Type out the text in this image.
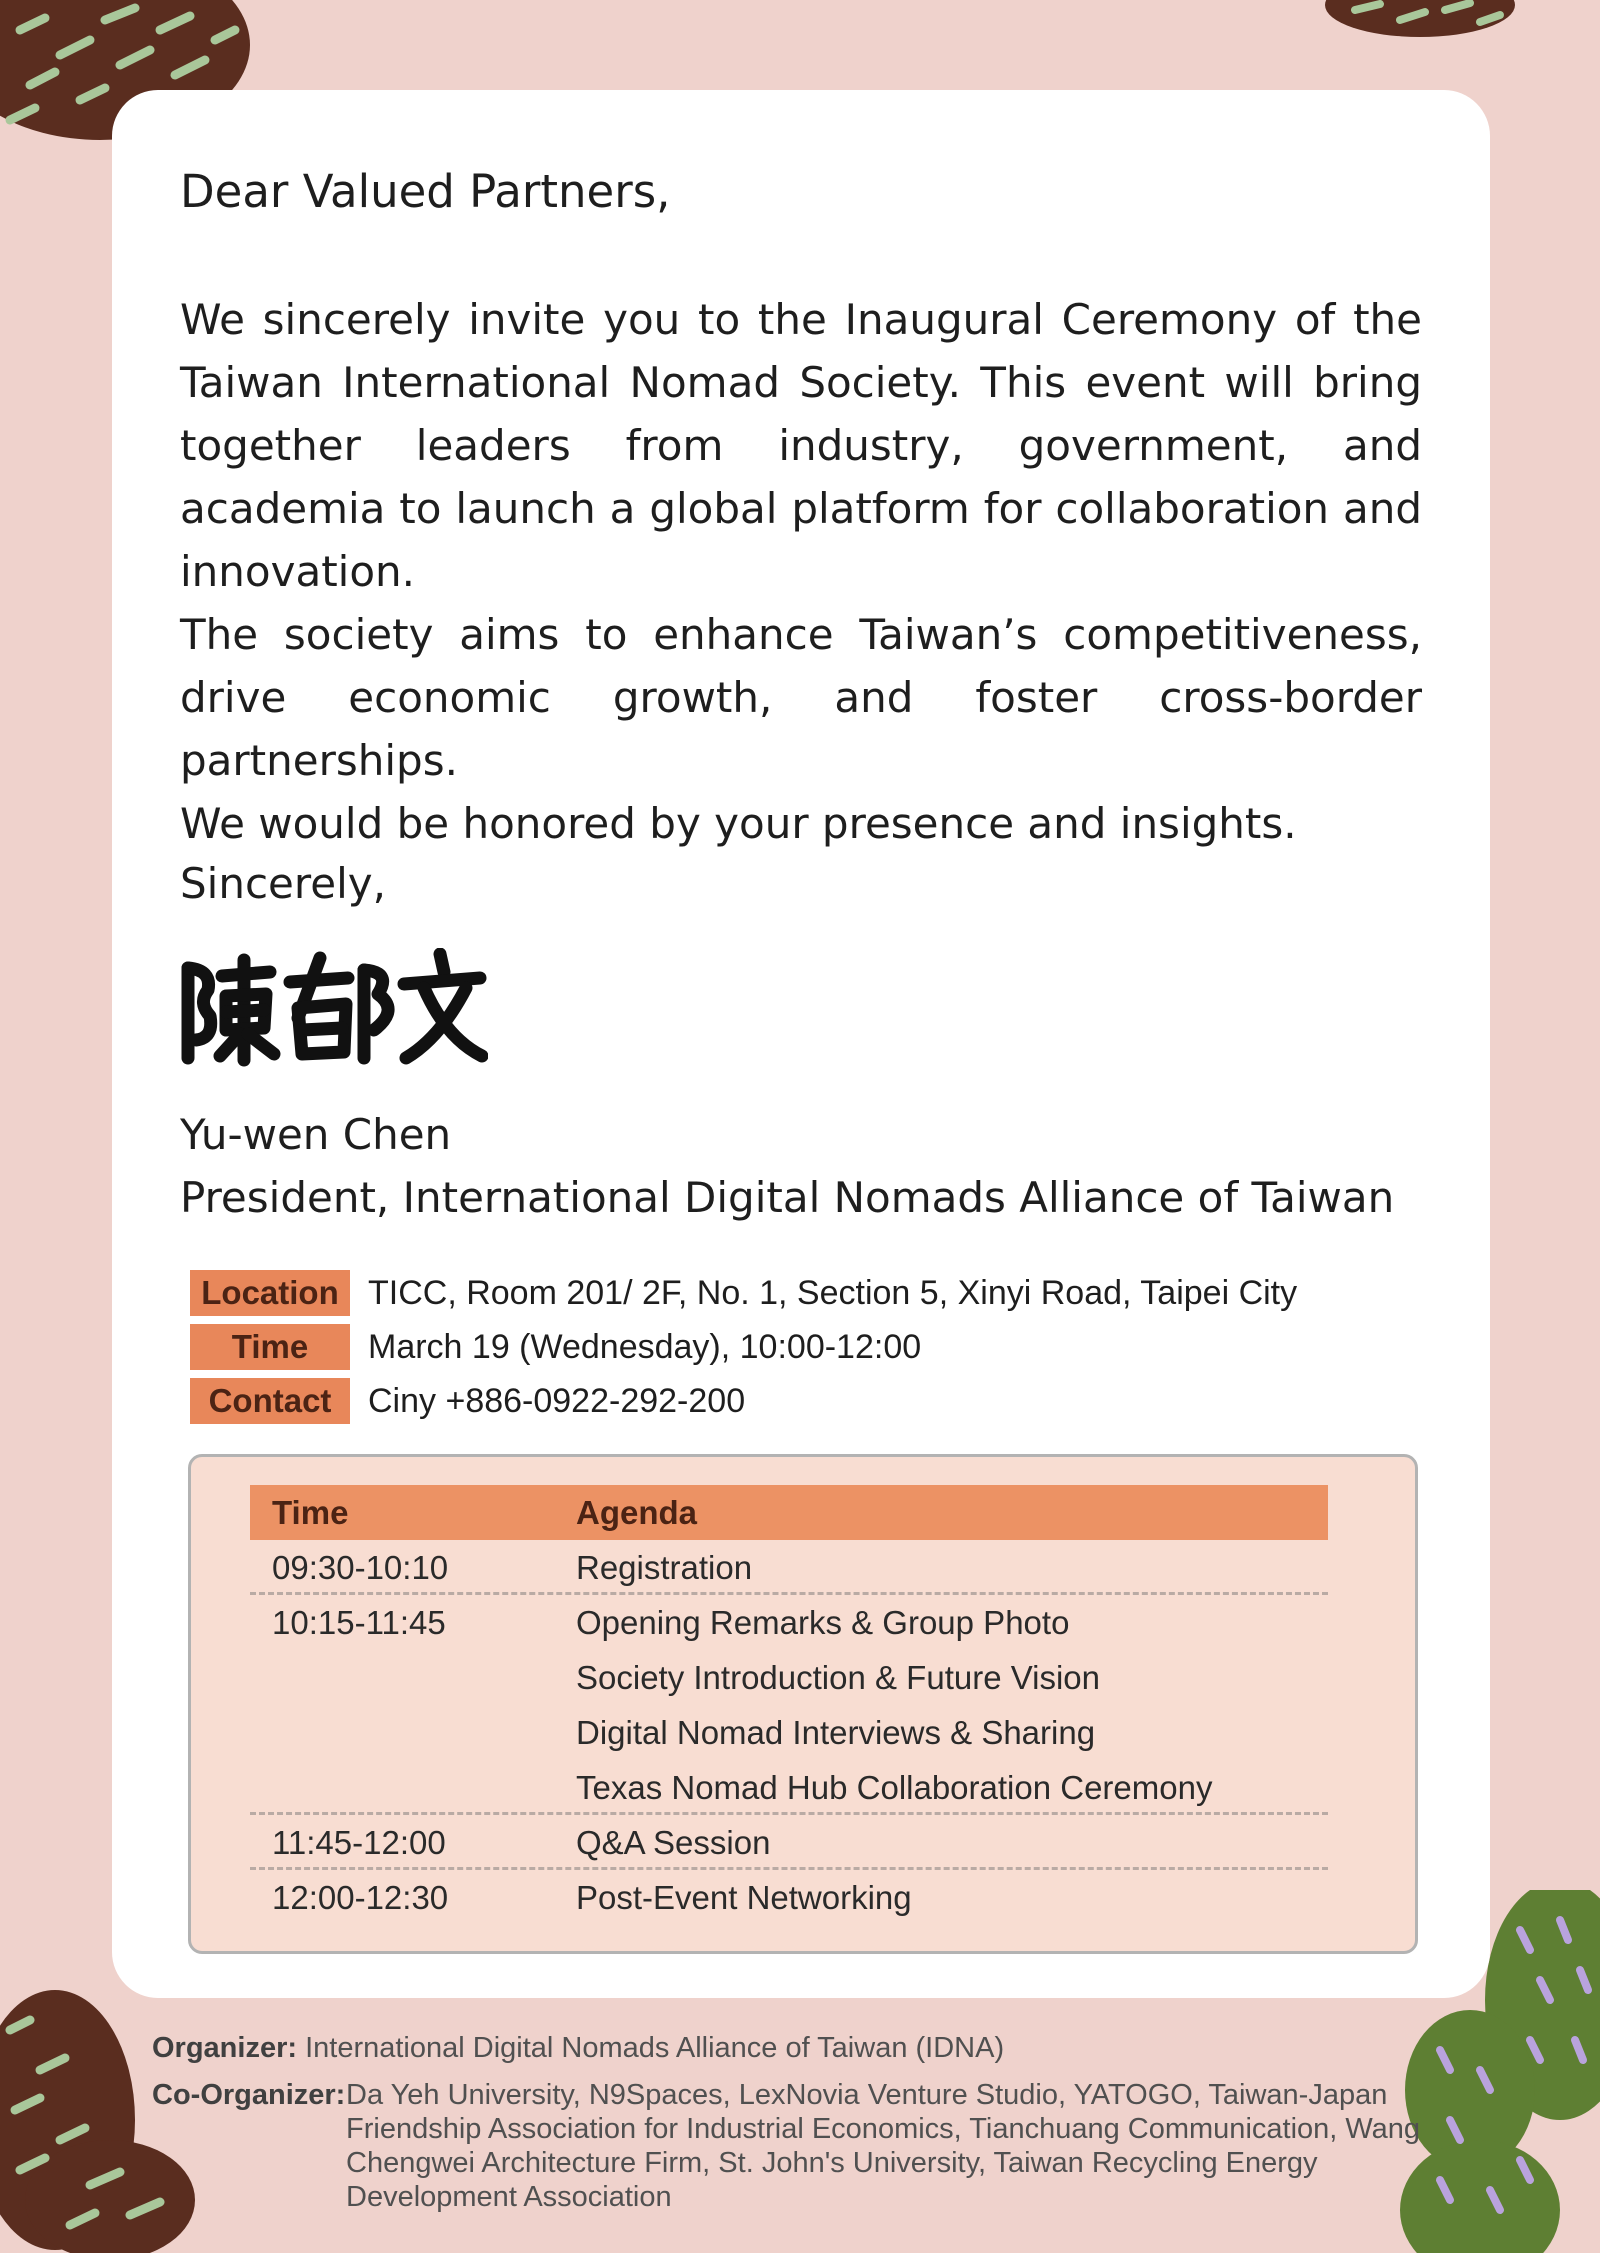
Dear Valued Partners,

We sincerely invite you to the Inaugural Ceremony of the Taiwan International Nomad Society. This event will bring together leaders from industry, government, and academia to launch a global platform for collaboration and innovation.

The society aims to enhance Taiwan’s competitiveness, drive economic growth, and foster cross-border partnerships.

We would be honored by your presence and insights.

Sincerely,
Yu-wen Chen
President, International Digital Nomads Alliance of Taiwan
Location TICC, Room 201/ 2F, No. 1, Section 5, Xinyi Road, Taipei City
Time	March 19 (Wednesday), 10:00-12:00
Contact	Ciny +886-0922-292-200
Time	Agenda
09:30-10:10	Registration
10:15-11:45	Opening Remarks & Group Photo
Society Introduction & Future Vision
Digital Nomad Interviews & Sharing
Texas Nomad Hub Collaboration Ceremony
11:45-12:00	Q&A Session
12:00-12:30	Post-Event Networking
Organizer: International Digital Nomads Alliance of Taiwan (IDNA)
Co-Organizer: Da Yeh University, N9Spaces, LexNovia Venture Studio, YATOGO, Taiwan-Japan Friendship Association for Industrial Economics, Tianchuang Communication, Wang Chengwei Architecture Firm, St. John's University, Taiwan Recycling Energy Development Association
